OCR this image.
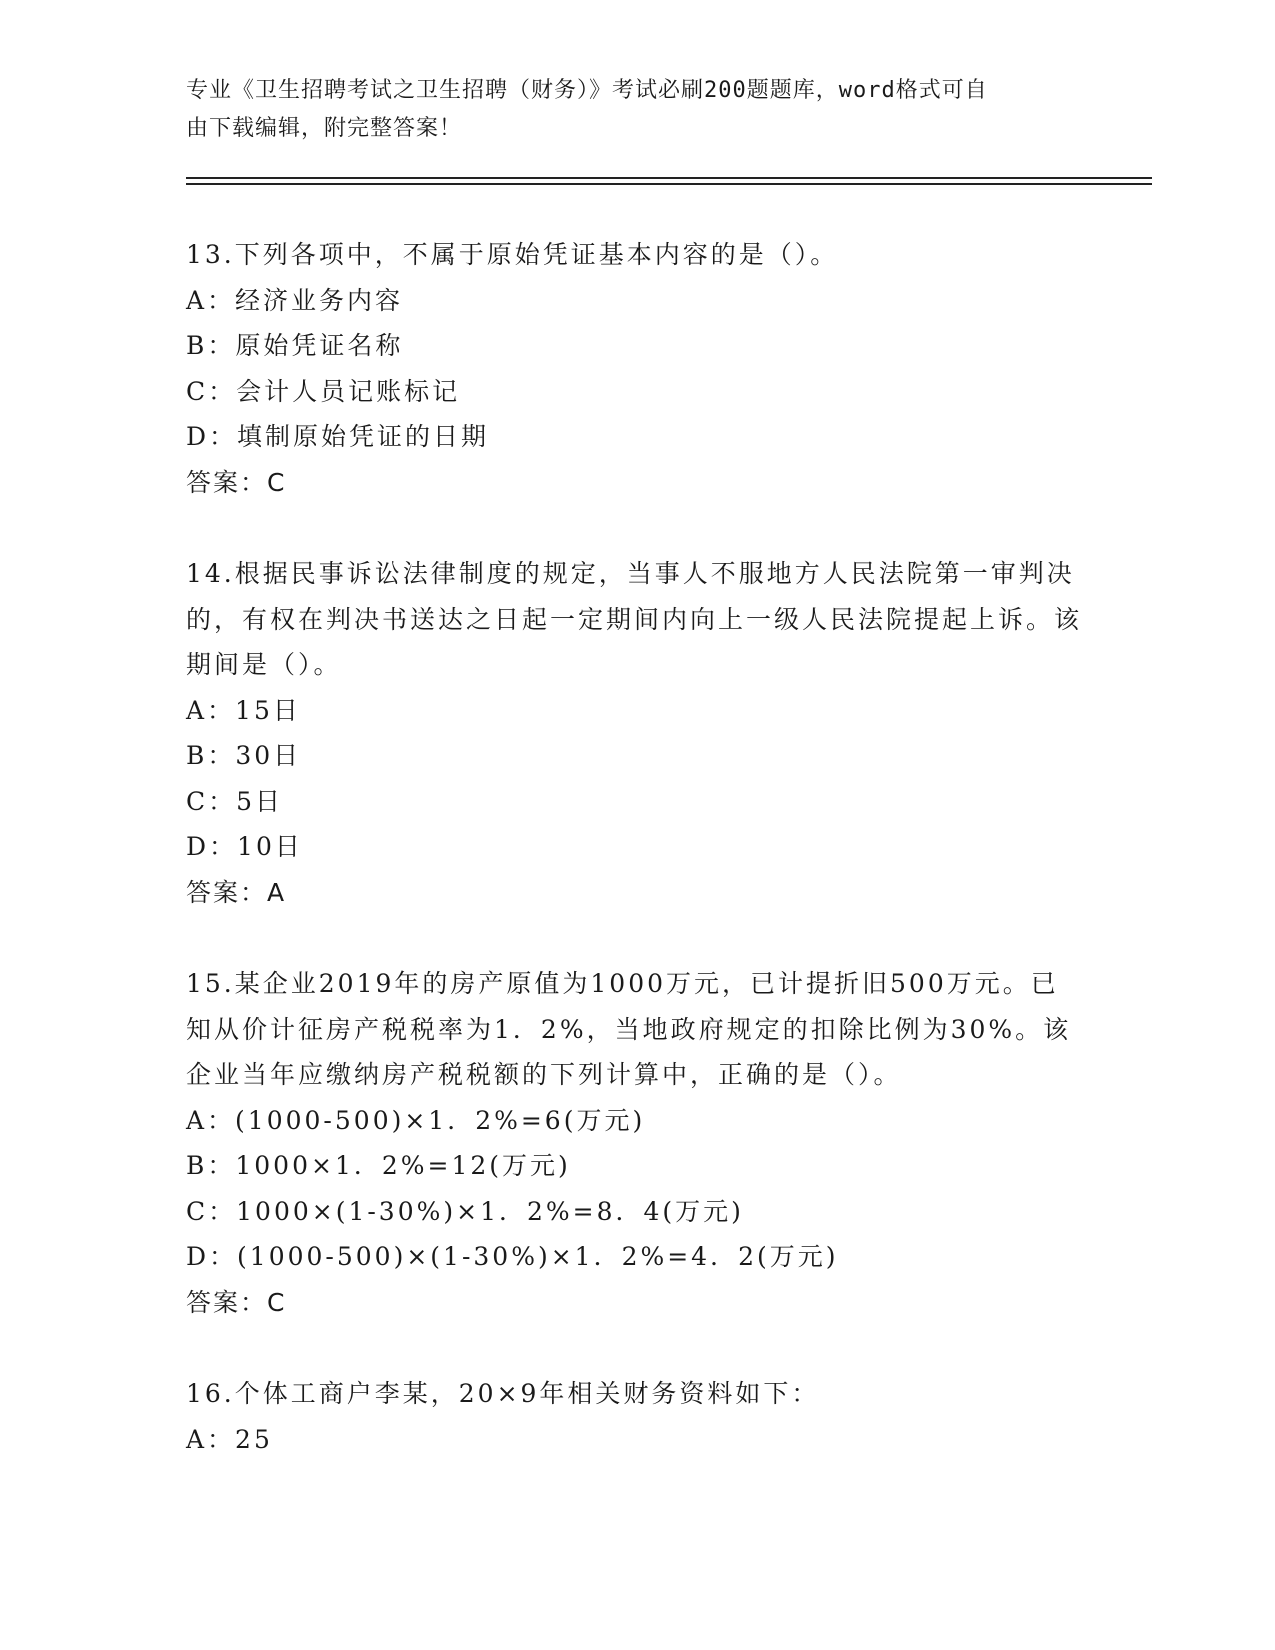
专业《卫生招聘考试之卫生招聘（财务）》考试必刷200题题库，word格式可自
由下载编辑，附完整答案！

13.下列各项中，不属于原始凭证基本内容的是（）。

A：经济业务内容

B：原始凭证名称

C：会计人员记账标记

D：填制原始凭证的日期

答案：C

14.根据民事诉讼法律制度的规定，当事人不服地方人民法院第一审判决的，有权在判决书送达之日起一定期间内向上一级人民法院提起上诉。该期间是（）。

A：15日

B：30日

C：5日

D：10日

答案：A

15.某企业2019年的房产原值为1000万元，已计提折旧500万元。已知从价计征房产税税率为1．2%，当地政府规定的扣除比例为30%。该企业当年应缴纳房产税税额的下列计算中，正确的是（）。

A：(1000-500)×1．2%=6(万元)

B：1000×1．2%=12(万元)

C：1000×(1-30%)×1．2%=8．4(万元)

D：(1000-500)×(1-30%)×1．2%=4．2(万元)

答案：C

16.个体工商户李某，20×9年相关财务资料如下：

A：25
